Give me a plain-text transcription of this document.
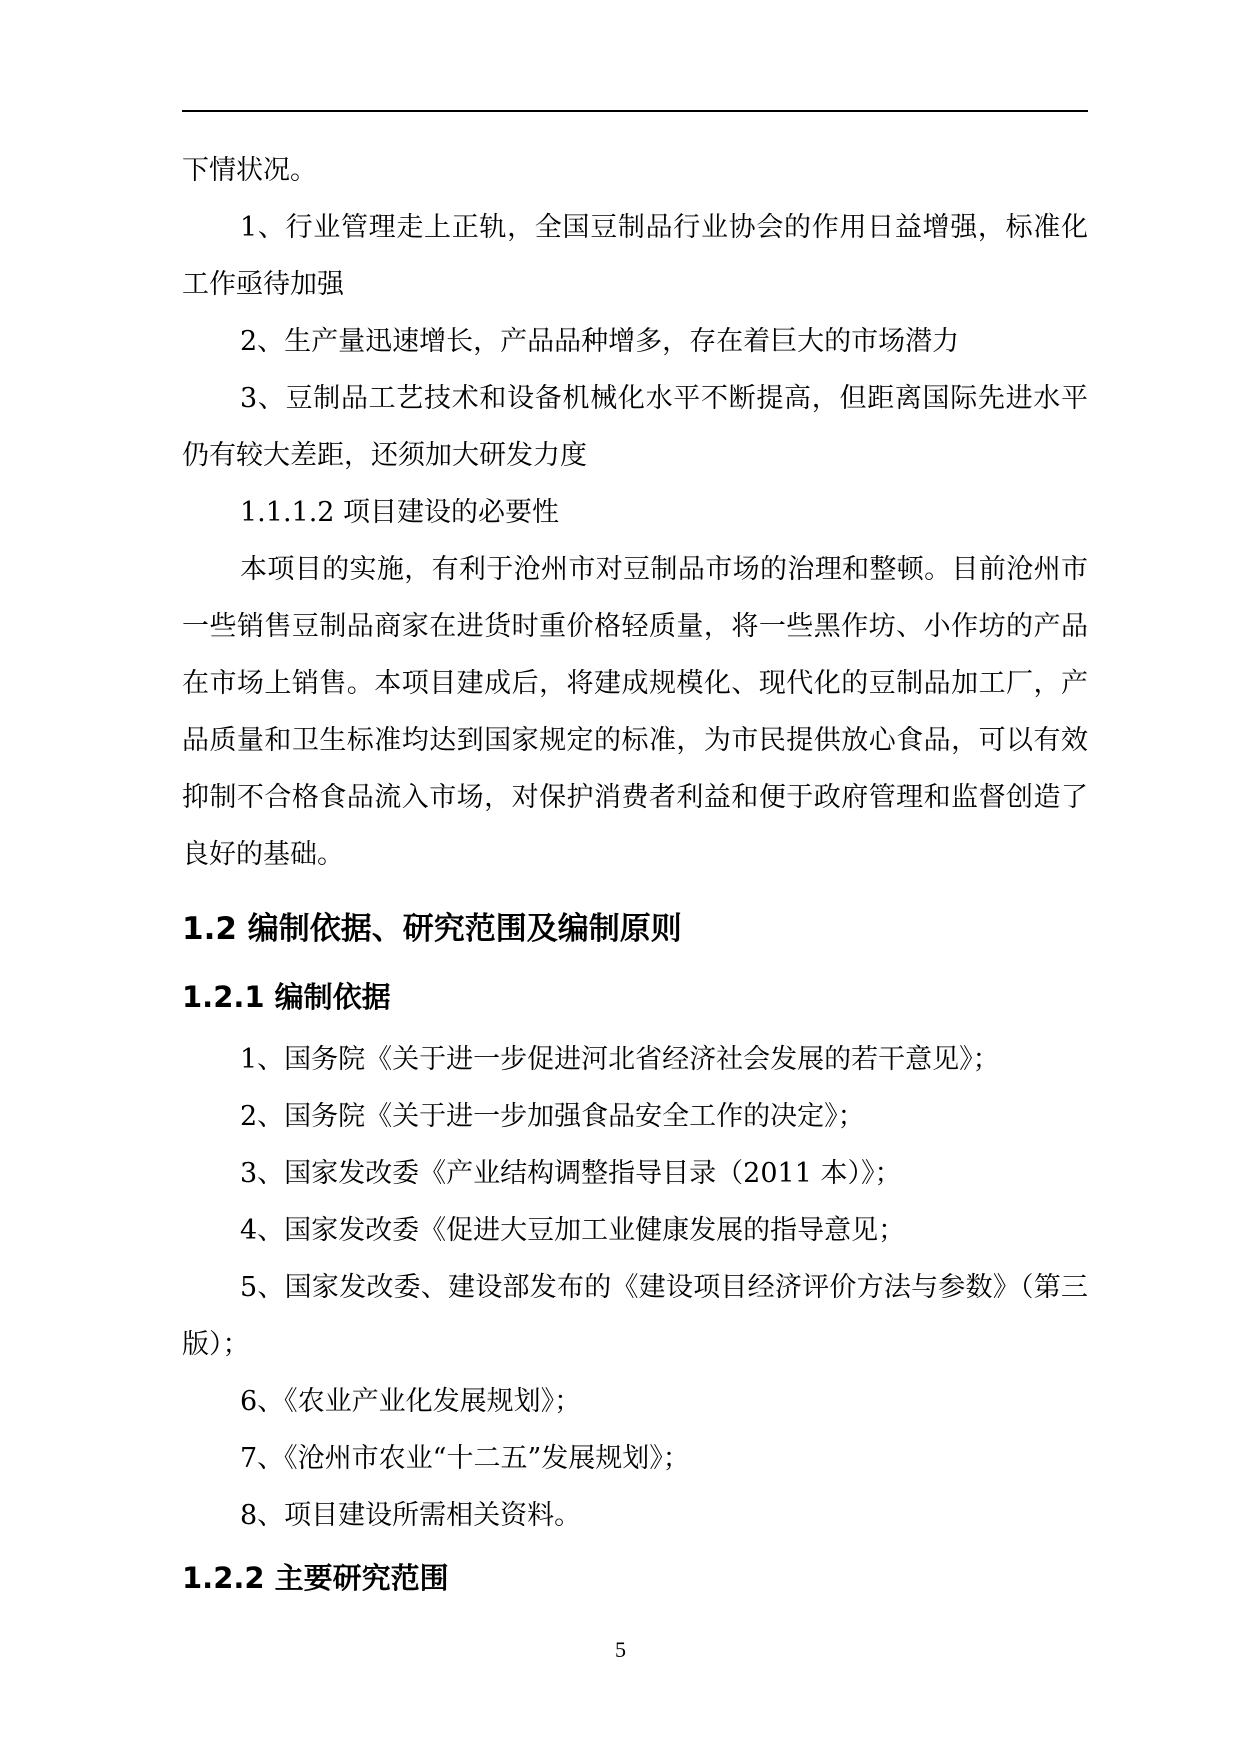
下情状况。

1、行业管理走上正轨，全国豆制品行业协会的作用日益增强，标准化工作亟待加强

2、生产量迅速增长，产品品种增多，存在着巨大的市场潜力

3、豆制品工艺技术和设备机械化水平不断提高，但距离国际先进水平仍有较大差距，还须加大研发力度

1.1.1.2 项目建设的必要性

本项目的实施，有利于沧州市对豆制品市场的治理和整顿。目前沧州市一些销售豆制品商家在进货时重价格轻质量，将一些黑作坊、小作坊的产品在市场上销售。本项目建成后，将建成规模化、现代化的豆制品加工厂，产品质量和卫生标准均达到国家规定的标准，为市民提供放心食品，可以有效抑制不合格食品流入市场，对保护消费者利益和便于政府管理和监督创造了良好的基础。

1.2 编制依据、研究范围及编制原则
1.2.1 编制依据

1、国务院《关于进一步促进河北省经济社会发展的若干意见》；

2、国务院《关于进一步加强食品安全工作的决定》；

3、国家发改委《产业结构调整指导目录（2011 本）》；

4、国家发改委《促进大豆加工业健康发展的指导意见；

5、国家发改委、建设部发布的《建设项目经济评价方法与参数》（第三版）；

6、《农业产业化发展规划》；

7、《沧州市农业“十二五”发展规划》；

8、项目建设所需相关资料。

1.2.2 主要研究范围
5
